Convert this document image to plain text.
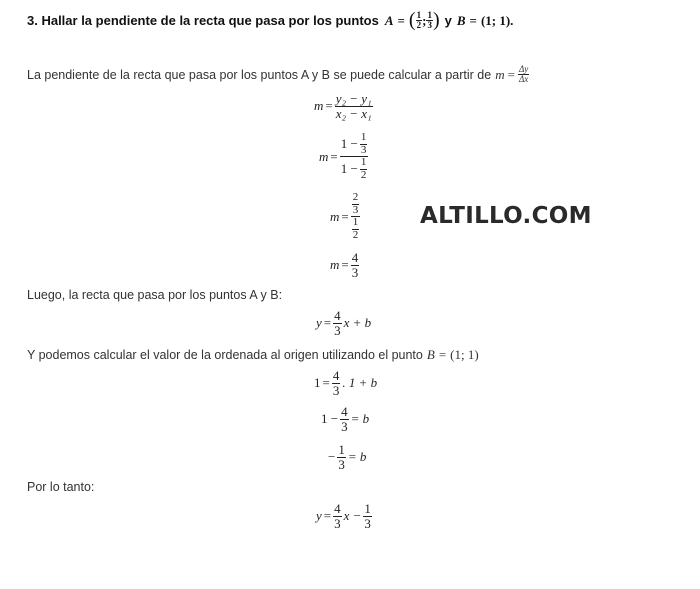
3. Hallar la pendiente de la recta que pasa por los puntos A = ( $\frac{1}{2}$ ; $\frac{1}{3}$ ) y B = (1; 1).
La pendiente de la recta que pasa por los puntos A y B se puede calcular a partir de $m = \frac{\Delta y}{\Delta x}$
$m = \frac{\text{y₂ − y₁}}{\text{x₂ − x₁}}$
$m = \frac{1 - \frac{1}{3}}{1 - \frac{1}{2}}$
$m = \frac{\frac{2}{3}}{\frac{1}{2}}$	ALTILLO.COM
$m = \frac{4}{3}$
Luego, la recta que pasa por los puntos A y B:
$y = \frac{4}{3}$ x + b
Y podemos calcular el valor de la ordenada al origen utilizando el punto B = (1; 1)
$1 = \frac{4}{3}$ . 1 + b
$1 - \frac{4}{3} = b$
− $\frac{1}{3} = b$
Por lo tanto:
$y = \frac{4}{3}$ $x - \frac{1}{3}$
